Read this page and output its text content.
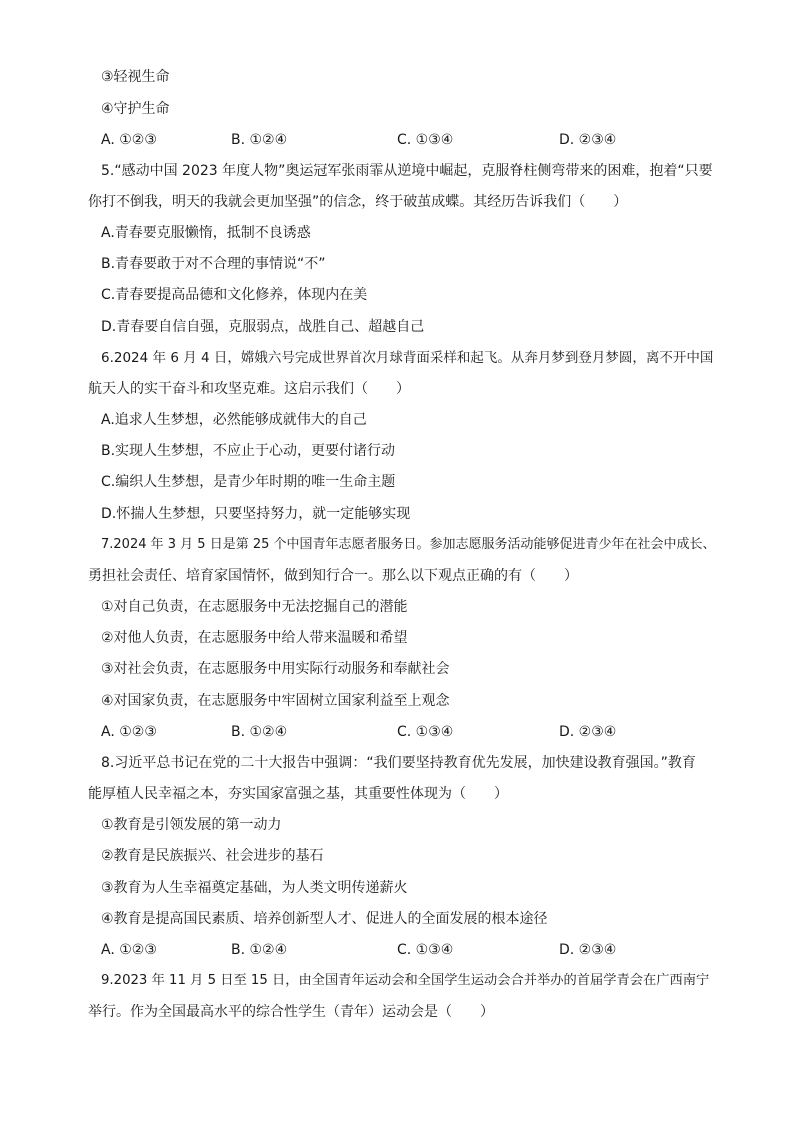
③轻视生命
④守护生命
A. ①②③	B. ①②④	C. ①③④	D. ②③④
5.“感动中国 2023 年度人物”奥运冠军张雨霏从逆境中崛起，克服脊柱侧弯带来的困难，抱着“只要
你打不倒我，明天的我就会更加坚强”的信念，终于破茧成蝶。其经历告诉我们（　　）
A.青春要克服懒惰，抵制不良诱惑
B.青春要敢于对不合理的事情说“不”
C.青春要提高品德和文化修养，体现内在美
D.青春要自信自强，克服弱点，战胜自己、超越自己
6.2024 年 6 月 4 日，嫦娥六号完成世界首次月球背面采样和起飞。从奔月梦到登月梦圆，离不开中国
航天人的实干奋斗和攻坚克难。这启示我们（　　）
A.追求人生梦想，必然能够成就伟大的自己
B.实现人生梦想，不应止于心动，更要付诸行动
C.编织人生梦想，是青少年时期的唯一生命主题
D.怀揣人生梦想，只要坚持努力，就一定能够实现
7.2024 年 3 月 5 日是第 25 个中国青年志愿者服务日。参加志愿服务活动能够促进青少年在社会中成长、
勇担社会责任、培育家国情怀，做到知行合一。那么以下观点正确的有（　　）
①对自己负责，在志愿服务中无法挖掘自己的潜能
②对他人负责，在志愿服务中给人带来温暖和希望
③对社会负责，在志愿服务中用实际行动服务和奉献社会
④对国家负责，在志愿服务中牢固树立国家利益至上观念
A. ①②③	B. ①②④	C. ①③④	D. ②③④
8.习近平总书记在党的二十大报告中强调：“我们要坚持教育优先发展，加快建设教育强国。”教育
能厚植人民幸福之本，夯实国家富强之基，其重要性体现为（　　）
①教育是引领发展的第一动力
②教育是民族振兴、社会进步的基石
③教育为人生幸福奠定基础，为人类文明传递薪火
④教育是提高国民素质、培养创新型人才、促进人的全面发展的根本途径
A. ①②③	B. ①②④	C. ①③④	D. ②③④
9.2023 年 11 月 5 日至 15 日，由全国青年运动会和全国学生运动会合并举办的首届学青会在广西南宁
举行。作为全国最高水平的综合性学生（青年）运动会是（　　）
